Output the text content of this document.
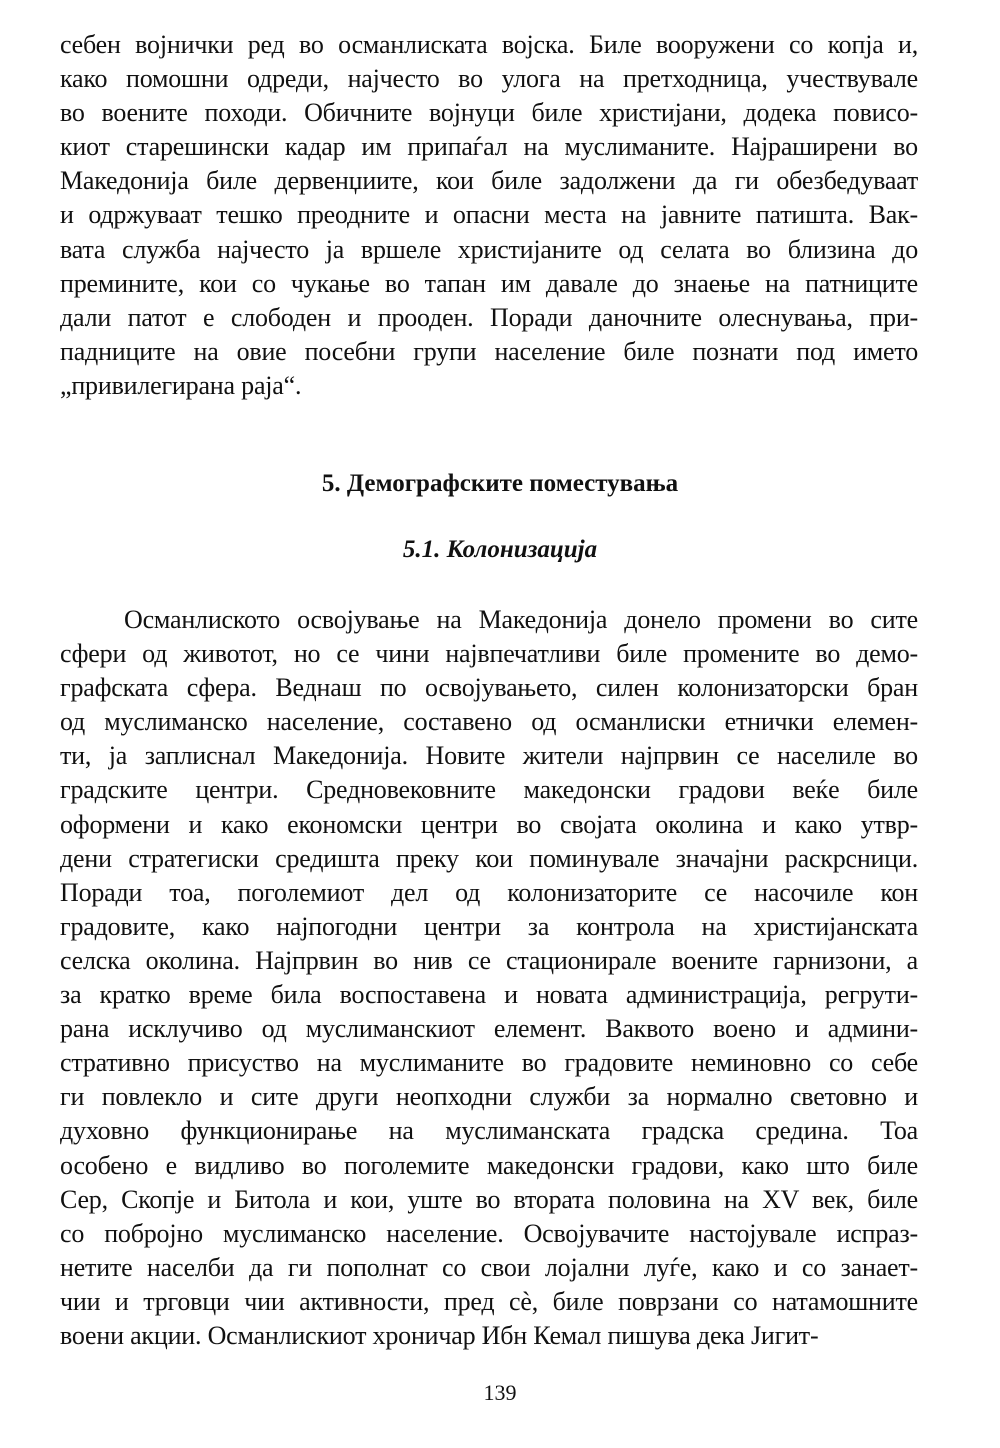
себен војнички ред во османлиската војска. Биле вооружени со копја и,
како помошни одреди, најчесто во улога на претходница, учествувале
во воените походи. Обичните војнуци биле христијани, додека повисо-
киот старешински кадар им припаѓал на муслиманите. Најраширени во
Македонија биле дервенџиите, кои биле задолжени да ги обезбедуваат
и одржуваат тешко преодните и опасни места на јавните патишта. Вак-
вата служба најчесто ја вршеле христијаните од селата во близина до
премините, кои со чукање во тапан им давале до знаење на патниците
дали патот е слободен и прооден. Поради даночните олеснувања, при-
падниците на овие посебни групи население биле познати под името
„привилегирана раја“.
5. Демографските поместувања
5.1. Колонизација
Османлиското освојување на Македонија донело промени во сите
сфери од животот, но се чини највпечатливи биле промените во демо-
графската сфера. Веднаш по освојувањето, силен колонизаторски бран
од муслиманско население, составено од османлиски етнички елемен-
ти, ја заплиснал Македонија. Новите жители најпрвин се населиле во
градските центри. Средновековните македонски градови веќе биле
оформени и како економски центри во својата околина и како утвр-
дени стратегиски средишта преку кои поминувале значајни раскрсници.
Поради тоа, поголемиот дел од колонизаторите се насочиле кон
градовите, како најпогодни центри за контрола на христијанската
селска околина. Најпрвин во нив се стационирале воените гарнизони, а
за кратко време била воспоставена и новата администрација, регрути-
рана исклучиво од муслиманскиот елемент. Ваквото воено и админи-
стративно присуство на муслиманите во градовите неминовно со себе
ги повлекло и сите други неопходни служби за нормално световно и
духовно функционирање на муслиманската градска средина. Тоа
особено е видливо во поголемите македонски градови, како што биле
Сер, Скопје и Битола и кои, уште во втората половина на XV век, биле
со побројно муслиманско население. Освојувачите настојувале испраз-
нетите населби да ги пополнат со свои лојални луѓе, како и со занает-
чии и трговци чии активности, пред сѐ, биле поврзани со натамошните
воени акции. Османлискиот хроничар Ибн Кемал пишува дека Јигит-
139
